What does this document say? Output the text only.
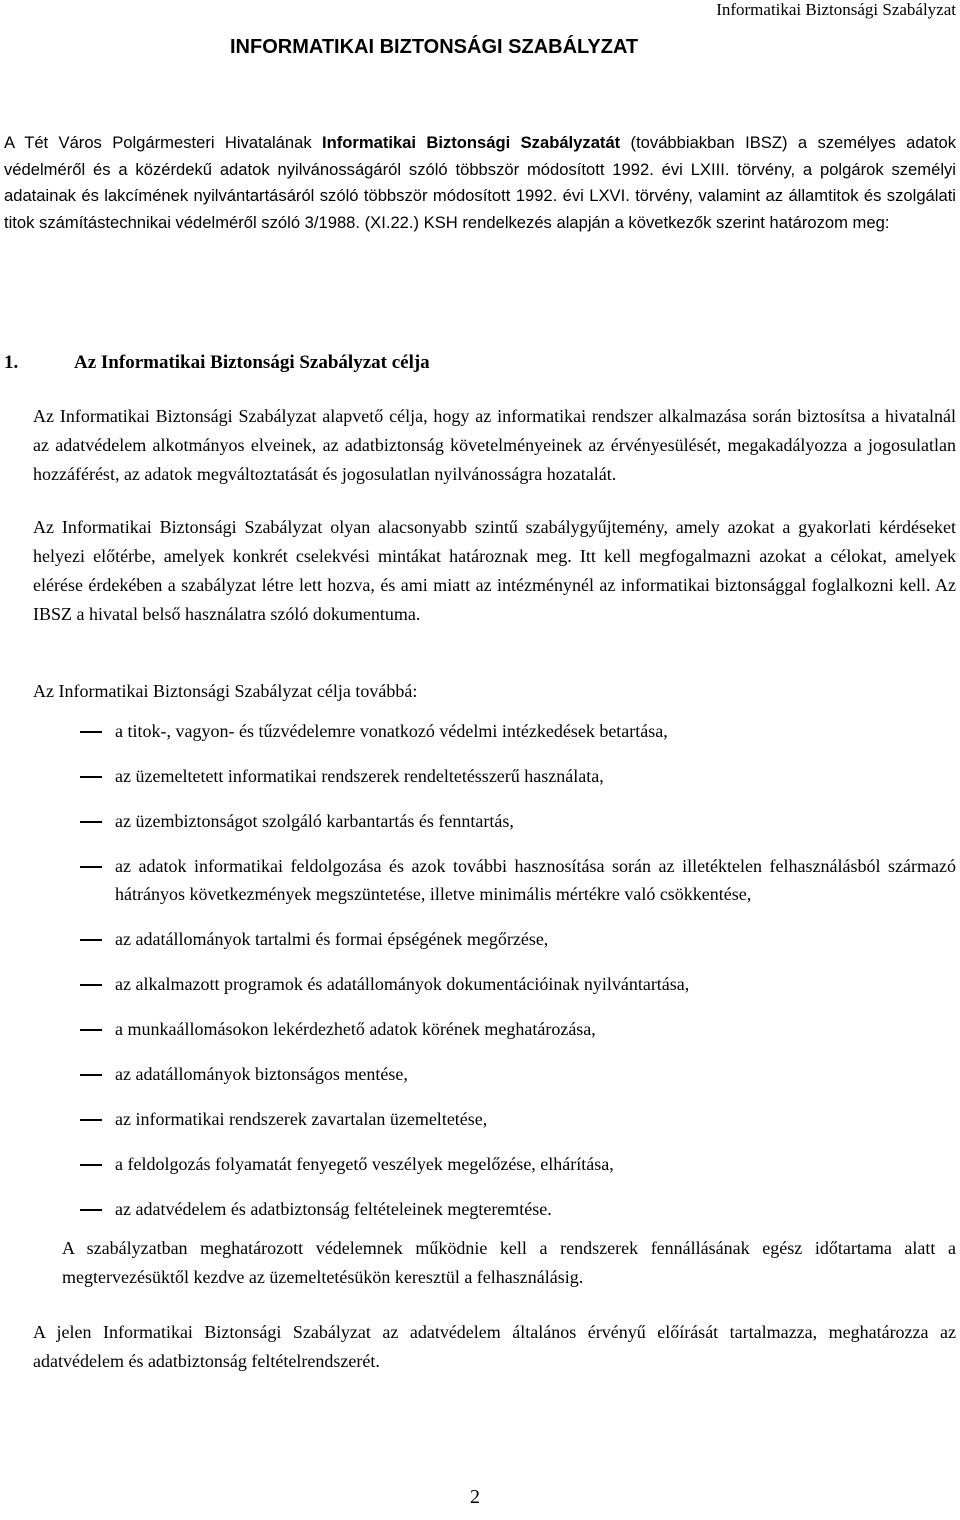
Informatikai Biztonsági Szabályzat
INFORMATIKAI BIZTONSÁGI SZABÁLYZAT

A Tét Város Polgármesteri Hivatalának Informatikai Biztonsági Szabályzatát (továbbiakban IBSZ) a személyes adatok védelméről és a közérdekű adatok nyilvánosságáról szóló többször módosított 1992. évi LXIII. törvény, a polgárok személyi adatainak és lakcímének nyilvántartásáról szóló többször módosított 1992. évi LXVI. törvény, valamint az államtitok és szolgálati titok számítástechnikai védelméről szóló 3/1988. (XI.22.) KSH rendelkezés alapján a következők szerint határozom meg:

1.	Az Informatikai Biztonsági Szabályzat célja

Az Informatikai Biztonsági Szabályzat alapvető célja, hogy az informatikai rendszer alkalmazása során biztosítsa a hivatalnál az adatvédelem alkotmányos elveinek, az adatbiztonság követelményeinek az érvényesülését, megakadályozza a jogosulatlan hozzáférést, az adatok megváltoztatását és jogosulatlan nyilvánosságra hozatalát.

Az Informatikai Biztonsági Szabályzat olyan alacsonyabb szintű szabálygyűjtemény, amely azokat a gyakorlati kérdéseket helyezi előtérbe, amelyek konkrét cselekvési mintákat határoznak meg. Itt kell megfogalmazni azokat a célokat, amelyek elérése érdekében a szabályzat létre lett hozva, és ami miatt az intézménynél az informatikai biztonsággal foglalkozni kell. Az IBSZ a hivatal belső használatra szóló dokumentuma.

Az Informatikai Biztonsági Szabályzat célja továbbá:

a titok-, vagyon- és tűzvédelemre vonatkozó védelmi intézkedések betartása,
az üzemeltetett informatikai rendszerek rendeltetésszerű használata,
az üzembiztonságot szolgáló karbantartás és fenntartás,
az adatok informatikai feldolgozása és azok további hasznosítása során az illetéktelen felhasználásból származó hátrányos következmények megszüntetése, illetve minimális mértékre való csökkentése,
az adatállományok tartalmi és formai épségének megőrzése,
az alkalmazott programok és adatállományok dokumentációinak nyilvántartása,
a munkaállomásokon lekérdezhető adatok körének meghatározása,
az adatállományok biztonságos mentése,
az informatikai rendszerek zavartalan üzemeltetése,
a feldolgozás folyamatát fenyegető veszélyek megelőzése, elhárítása,
az adatvédelem és adatbiztonság feltételeinek megteremtése.

A szabályzatban meghatározott védelemnek működnie kell a rendszerek fennállásának egész időtartama alatt a megtervezésüktől kezdve az üzemeltetésükön keresztül a felhasználásig.

A jelen Informatikai Biztonsági Szabályzat az adatvédelem általános érvényű előírását tartalmazza, meghatározza az adatvédelem és adatbiztonság feltételrendszerét.

2
